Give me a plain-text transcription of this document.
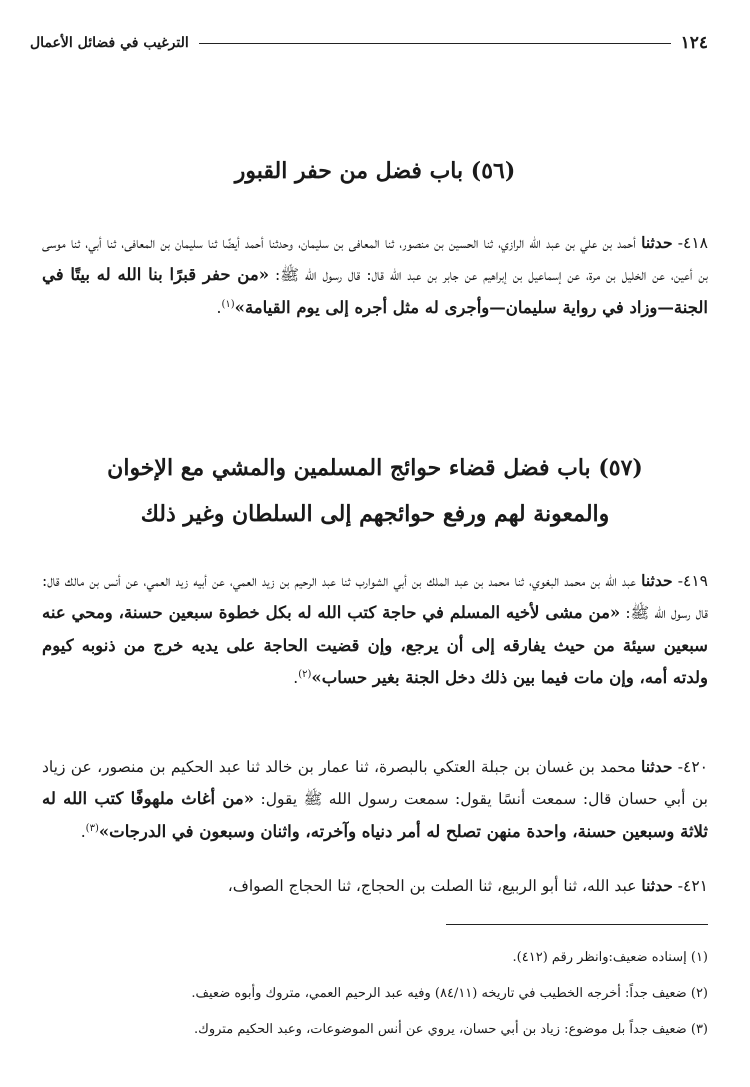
١٢٤
الترغيب في فضائل الأعمال
(٥٦) باب فضل من حفر القبور

٤١٨- حدثنا أحمد بن علي بن عبد الله الرازي، ثنا الحسين بن منصور، ثنا المعافى بن سليمان، وحدثنا أحمد أيضًا ثنا سليمان بن المعافى، ثنا أبي، ثنا موسى بن أعين، عن الخليل بن مرة، عن إسماعيل بن إبراهيم عن جابر بن عبد الله قال: قال رسول الله ﷺ: «من حفر قبرًا بنا الله له بيتًا في الجنة—وزاد في رواية سليمان—وأجرى له مثل أجره إلى يوم القيامة»$^{(١)}$.

(٥٧) باب فضل قضاء حوائج المسلمين والمشي مع الإخوان
والمعونة لهم ورفع حوائجهم إلى السلطان وغير ذلك

٤١٩- حدثنا عبد الله بن محمد البغوي، ثنا محمد بن عبد الملك بن أبي الشوارب ثنا عبد الرحيم بن زيد العمي، عن أبيه زيد العمي، عن أنس بن مالك قال: قال رسول الله ﷺ: «من مشى لأخيه المسلم في حاجة كتب الله له بكل خطوة سبعين حسنة، ومحي عنه سبعين سيئة من حيث يفارقه إلى أن يرجع، وإن قضيت الحاجة على يديه خرج من ذنوبه كيوم ولدته أمه، وإن مات فيما بين ذلك دخل الجنة بغير حساب»$^{(٢)}$.

٤٢٠- حدثنا محمد بن غسان بن جبلة العتكي بالبصرة، ثنا عمار بن خالد ثنا عبد الحكيم بن منصور، عن زياد بن أبي حسان قال: سمعت أنسًا يقول: سمعت رسول الله ﷺ يقول: «من أغاث ملهوفًا كتب الله له ثلاثة وسبعين حسنة، واحدة منهن تصلح له أمر دنياه وآخرته، واثنان وسبعون في الدرجات»$^{(٣)}$.

٤٢١- حدثنا عبد الله، ثنا أبو الربيع، ثنا الصلت بن الحجاج، ثنا الحجاج الصواف،

(١) إسناده ضعيف:وانظر رقم (٤١٢).
(٢) ضعيف جداً: أخرجه الخطيب في تاريخه (٨٤/١١) وفيه عبد الرحيم العمي، متروك وأبوه ضعيف.
(٣) ضعيف جداً بل موضوع: زياد بن أبي حسان، يروي عن أنس الموضوعات، وعبد الحكيم متروك.
